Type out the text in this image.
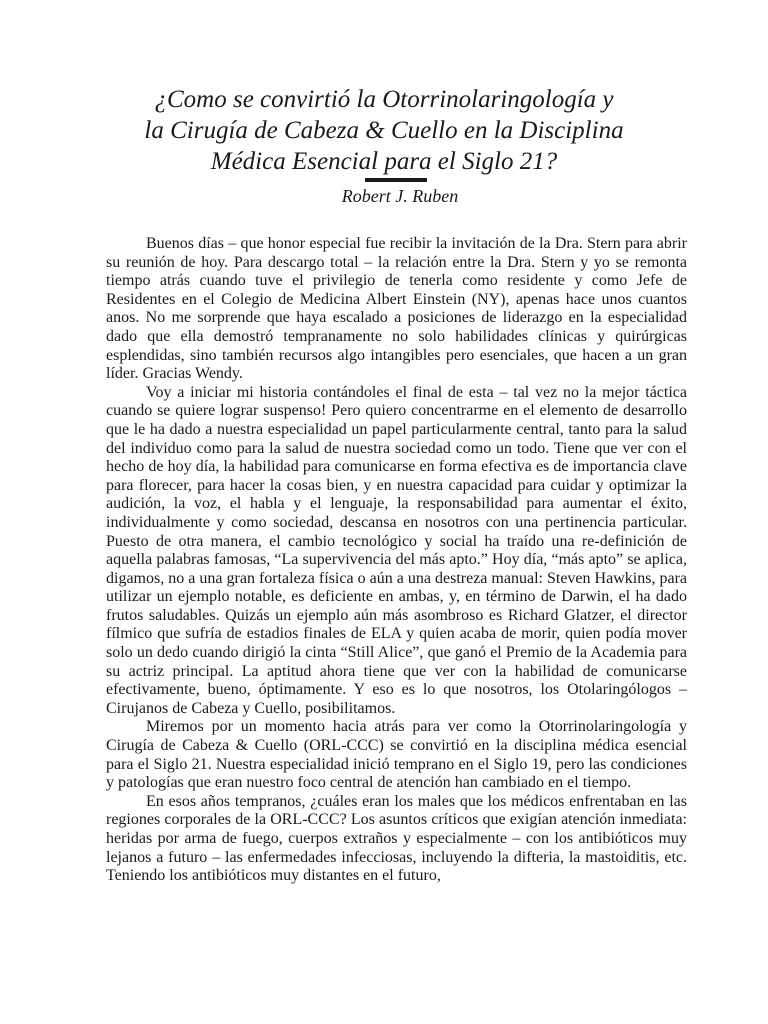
¿Como se convirtió la Otorrinolaringología y
la Cirugía de Cabeza & Cuello en la Disciplina
Médica Esencial para el Siglo 21?

Robert J. Ruben

Buenos días – que honor especial fue recibir la invitación de la Dra. Stern para abrir su reunión de hoy. Para descargo total – la relación entre la Dra. Stern y yo se remonta tiempo atrás cuando tuve el privilegio de tenerla como residente y como Jefe de Residentes en el Colegio de Medicina Albert Einstein (NY), apenas hace unos cuantos anos. No me sorprende que haya escalado a posiciones de liderazgo en la especialidad dado que ella demostró tempranamente no solo habilidades clínicas y quirúrgicas esplendidas, sino también recursos algo intangibles pero esenciales, que hacen a un gran líder. Gracias Wendy.

Voy a iniciar mi historia contándoles el final de esta – tal vez no la mejor táctica cuando se quiere lograr suspenso! Pero quiero concentrarme en el elemento de desarrollo que le ha dado a nuestra especialidad un papel particularmente central, tanto para la salud del individuo como para la salud de nuestra sociedad como un todo. Tiene que ver con el hecho de hoy día, la habilidad para comunicarse en forma efectiva es de importancia clave para florecer, para hacer la cosas bien, y en nuestra capacidad para cuidar y optimizar la audición, la voz, el habla y el lenguaje, la responsabilidad para aumentar el éxito, individualmente y como sociedad, descansa en nosotros con una pertinencia particular. Puesto de otra manera, el cambio tecnológico y social ha traído una re-definición de aquella palabras famosas, “La supervivencia del más apto.” Hoy día, “más apto” se aplica, digamos, no a una gran fortaleza física o aún a una destreza manual: Steven Hawkins, para utilizar un ejemplo notable, es deficiente en ambas, y, en término de Darwin, el ha dado frutos saludables. Quizás un ejemplo aún más asombroso es Richard Glatzer, el director fílmico que sufría de estadios finales de ELA y quien acaba de morir, quien podía mover solo un dedo cuando dirigió la cinta “Still Alice”, que ganó el Premio de la Academia para su actriz principal. La aptitud ahora tiene que ver con la habilidad de comunicarse efectivamente, bueno, óptimamente. Y eso es lo que nosotros, los Otolaringólogos – Cirujanos de Cabeza y Cuello, posibilitamos.

Miremos por un momento hacia atrás para ver como la Otorrinolaringología y Cirugía de Cabeza & Cuello (ORL-CCC) se convirtió en la disciplina médica esencial para el Siglo 21. Nuestra especialidad inició temprano en el Siglo 19, pero las condiciones y patologías que eran nuestro foco central de atención han cambiado en el tiempo.

En esos años tempranos, ¿cuáles eran los males que los médicos enfrentaban en las regiones corporales de la ORL-CCC? Los asuntos críticos que exigían atención inmediata: heridas por arma de fuego, cuerpos extraños y especialmente – con los antibióticos muy lejanos a futuro – las enfermedades infecciosas, incluyendo la difteria, la mastoiditis, etc. Teniendo los antibióticos muy distantes en el futuro,
